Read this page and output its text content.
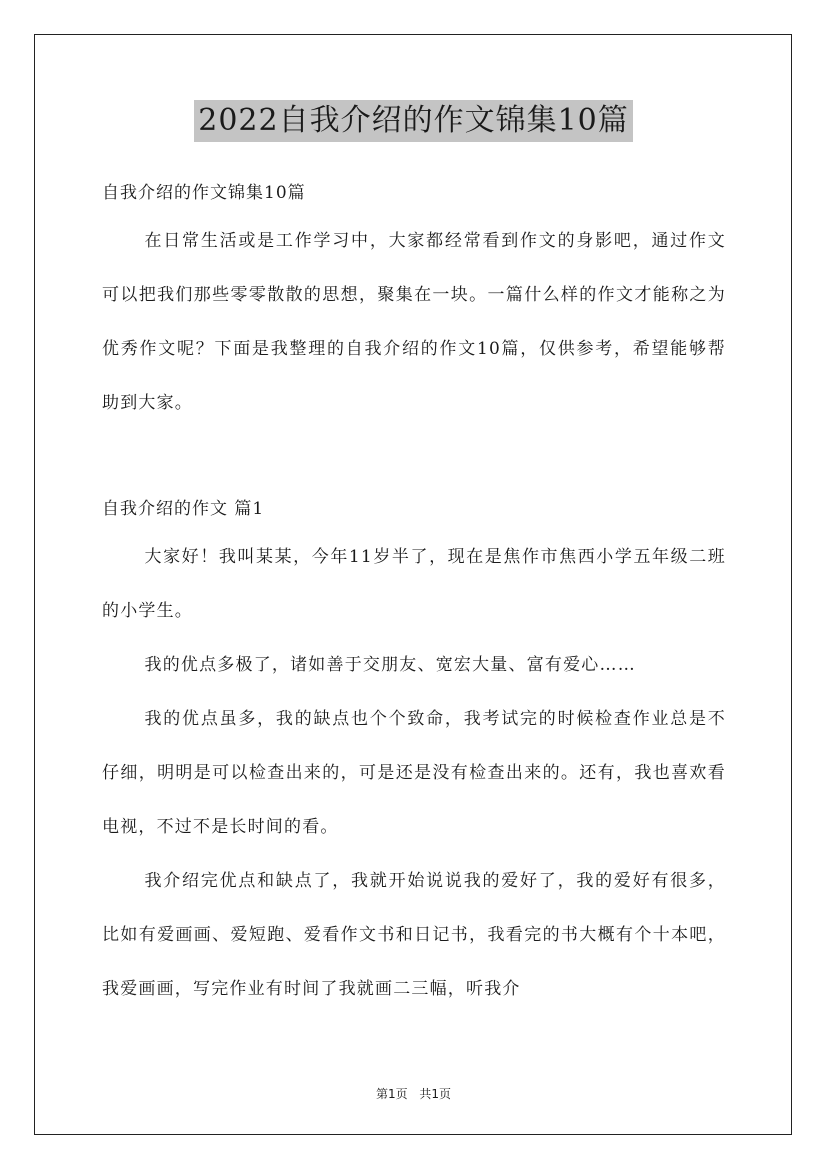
2022自我介绍的作文锦集10篇

自我介绍的作文锦集10篇

在日常生活或是工作学习中，大家都经常看到作文的身影吧，通过作文可以把我们那些零零散散的思想，聚集在一块。一篇什么样的作文才能称之为优秀作文呢？下面是我整理的自我介绍的作文10篇，仅供参考，希望能够帮助到大家。

自我介绍的作文 篇1

大家好！我叫某某，今年11岁半了，现在是焦作市焦西小学五年级二班的小学生。

我的优点多极了，诸如善于交朋友、宽宏大量、富有爱心……

我的优点虽多，我的缺点也个个致命，我考试完的时候检查作业总是不仔细，明明是可以检查出来的，可是还是没有检查出来的。还有，我也喜欢看电视，不过不是长时间的看。

我介绍完优点和缺点了，我就开始说说我的爱好了，我的爱好有很多，比如有爱画画、爱短跑、爱看作文书和日记书，我看完的书大概有个十本吧，我爱画画，写完作业有时间了我就画二三幅，听我介

第1页 共1页
